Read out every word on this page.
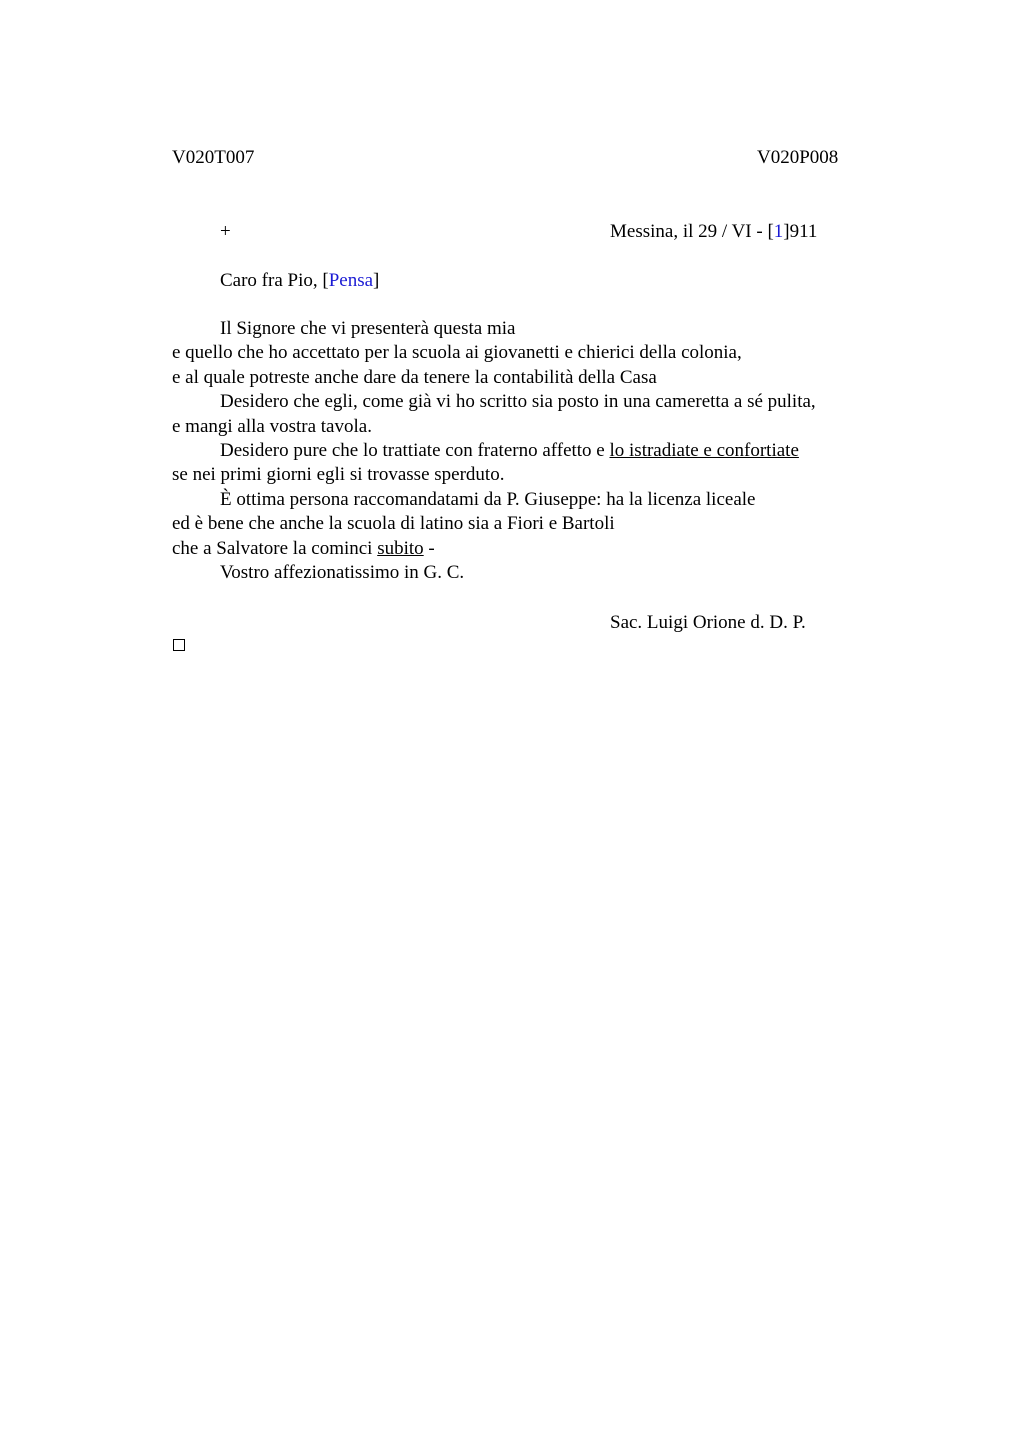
V020T007	V020P008
+	Messina, il 29 / VI - [1]911
Caro fra Pio, [Pensa]
Il Signore che vi presenterà questa mia
e quello che ho accettato per la scuola ai giovanetti e chierici della colonia,
e al quale potreste anche dare da tenere la contabilità della Casa
Desidero che egli, come già vi ho scritto sia posto in una cameretta a sé pulita,
e mangi alla vostra tavola.
Desidero pure che lo trattiate con fraterno affetto e lo istradiate e confortiate
se nei primi giorni egli si trovasse sperduto.
È ottima persona raccomandatami da P. Giuseppe: ha la licenza liceale
ed è bene che anche la scuola di latino sia a Fiori e Bartoli
che a Salvatore la cominci subito -
Vostro affezionatissimo in G. C.
Sac. Luigi Orione d. D. P.
